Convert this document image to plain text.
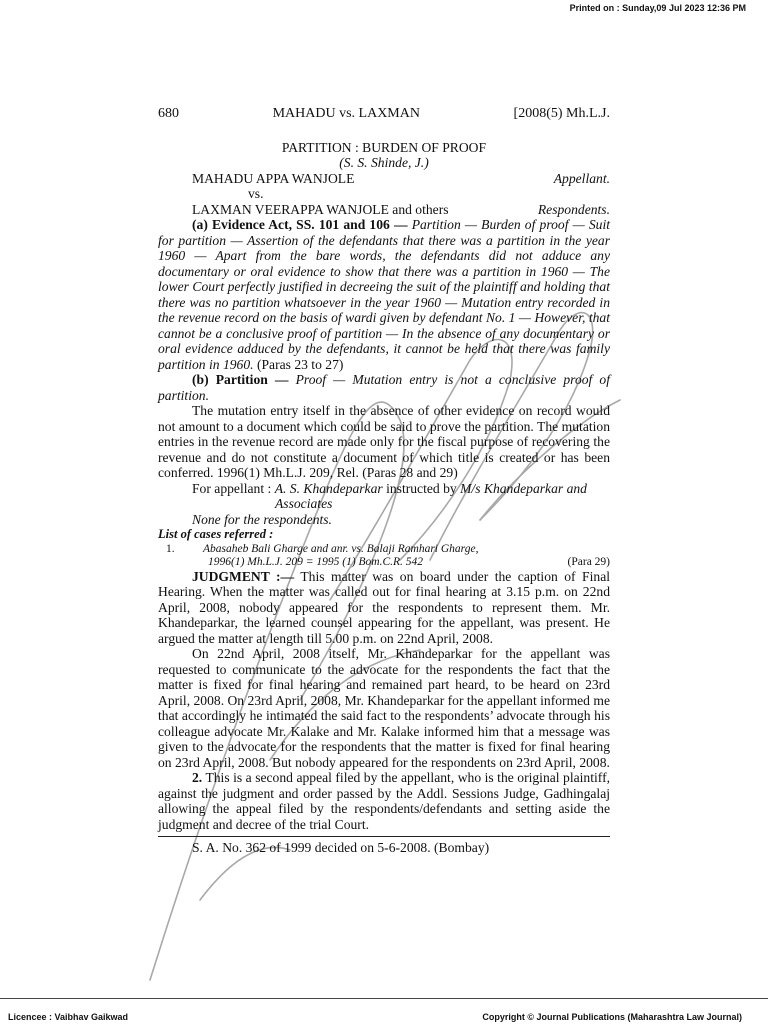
Printed on : Sunday,09 Jul 2023 12:36 PM
680	MAHADU vs. LAXMAN	[2008(5) Mh.L.J.
PARTITION : BURDEN OF PROOF
(S. S. Shinde, J.)
MAHADU APPA WANJOLE	Appellant.
vs.
LAXMAN VEERAPPA WANJOLE and others	Respondents.

(a) Evidence Act, SS. 101 and 106 — Partition — Burden of proof — Suit for partition — Assertion of the defendants that there was a partition in the year 1960 — Apart from the bare words, the defendants did not adduce any documentary or oral evidence to show that there was a partition in 1960 — The lower Court perfectly justified in decreeing the suit of the plaintiff and holding that there was no partition whatsoever in the year 1960 — Mutation entry recorded in the revenue record on the basis of wardi given by defendant No. 1 — However, that cannot be a conclusive proof of partition — In the absence of any documentary or oral evidence adduced by the defendants, it cannot be held that there was family partition in 1960. (Paras 23 to 27)

(b) Partition — Proof — Mutation entry is not a conclusive proof of partition.

The mutation entry itself in the absence of other evidence on record would not amount to a document which could be said to prove the partition. The mutation entries in the revenue record are made only for the fiscal purpose of recovering the revenue and do not constitute a document of which title is created or has been conferred. 1996(1) Mh.L.J. 209, Rel. (Paras 28 and 29)

For appellant : A. S. Khandeparkar instructed by M/s Khandeparkar and
Associates
None for the respondents.
List of cases referred :
1.	Abasaheb Bali Gharge and anr. vs. Balaji Ramhari Gharge,
1996(1) Mh.L.J. 209 = 1995 (1) Bom.C.R. 542	(Para 29)

JUDGMENT :— This matter was on board under the caption of Final Hearing. When the matter was called out for final hearing at 3.15 p.m. on 22nd April, 2008, nobody appeared for the respondents to represent them. Mr. Khandeparkar, the learned counsel appearing for the appellant, was present. He argued the matter at length till 5.00 p.m. on 22nd April, 2008.

On 22nd April, 2008 itself, Mr. Khandeparkar for the appellant was requested to communicate to the advocate for the respondents the fact that the matter is fixed for final hearing and remained part heard, to be heard on 23rd April, 2008. On 23rd April, 2008, Mr. Khandeparkar for the appellant informed me that accordingly he intimated the said fact to the respondents’ advocate through his colleague advocate Mr. Kalake and Mr. Kalake informed him that a message was given to the advocate for the respondents that the matter is fixed for final hearing on 23rd April, 2008. But nobody appeared for the respondents on 23rd April, 2008.

2. This is a second appeal filed by the appellant, who is the original plaintiff, against the judgment and order passed by the Addl. Sessions Judge, Gadhingalaj allowing the appeal filed by the respondents/defendants and setting aside the judgment and decree of the trial Court.

S. A. No. 362 of 1999 decided on 5-6-2008. (Bombay)
Licencee : Vaibhav Gaikwad	Copyright © Journal Publications (Maharashtra Law Journal)
